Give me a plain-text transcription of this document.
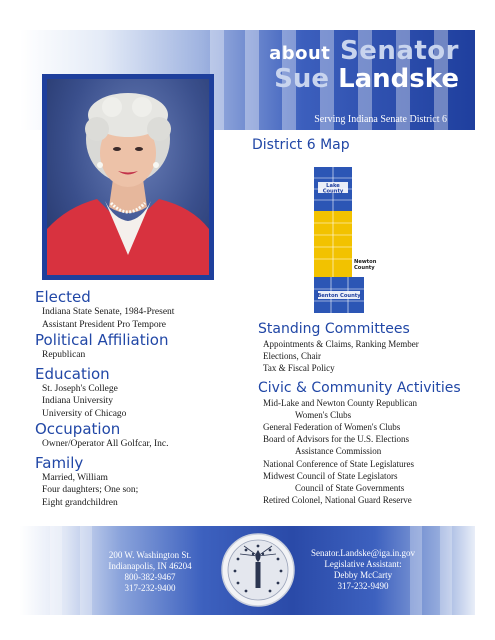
about Senator
Sue Landske
Serving Indiana Senate District 6
Elected
Indiana State Senate, 1984-Present
Assistant President Pro Tempore
Political Affiliation
Republican
Education
St. Joseph's College
Indiana University
University of Chicago
Occupation
Owner/Operator All Golfcar, Inc.
Family
Married, William
Four daughters; One son;
Eight grandchildren
District 6 Map
Lake County
Newton County
Benton County
Standing Committees
Appointments & Claims, Ranking Member
Elections, Chair
Tax & Fiscal Policy
Civic & Community Activities
Mid-Lake and Newton County Republican
Women's Clubs
General Federation of Women's Clubs
Board of Advisors for the U.S. Elections
Assistance Commission
National Conference of State Legislatures
Midwest Council of State Legislators
Council of State Governments
Retired Colonel, National Guard Reserve
200 W. Washington St.
Indianapolis, IN 46204
800-382-9467
317-232-9400
Senator.Landske@iga.in.gov
Legislative Assistant:
Debby McCarty
317-232-9490
